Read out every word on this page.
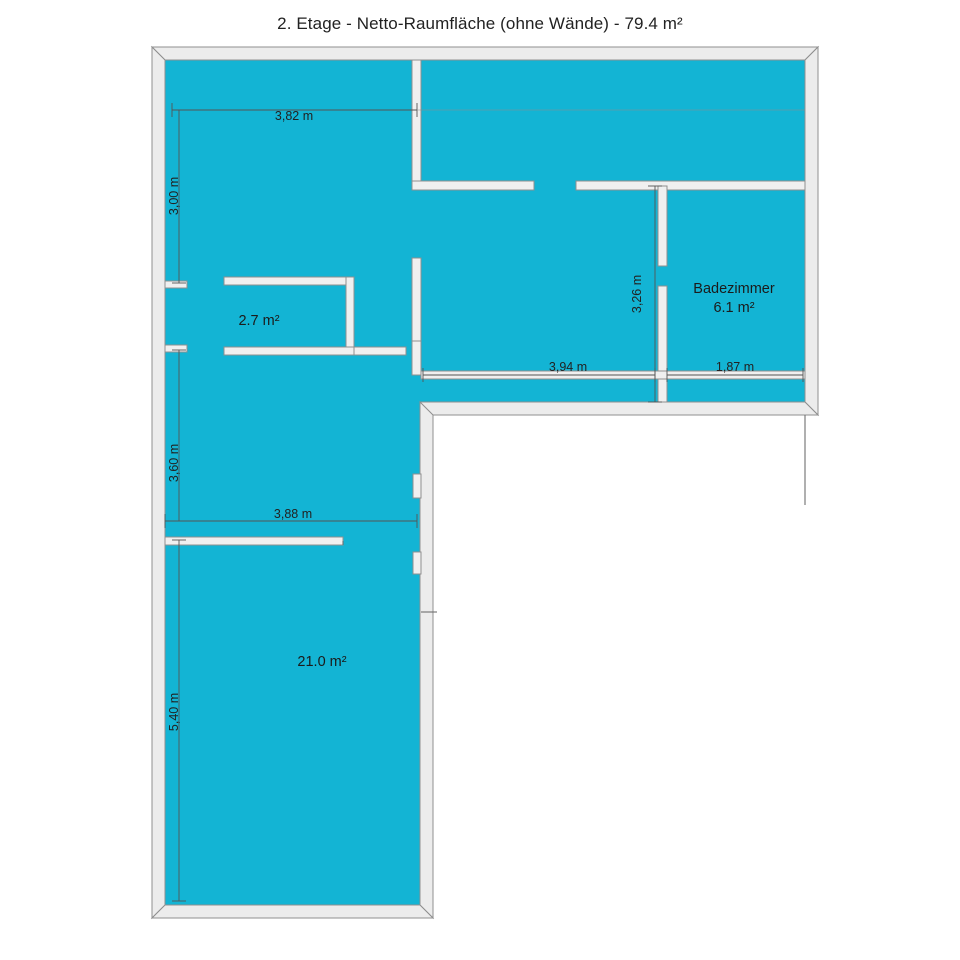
2. Etage - Netto-Raumfläche (ohne Wände) - 79.4 m²
3,82 m
3,00 m
3,26 m
3,94 m	1,87 m
3,60 m
3,88 m
5,40 m
2.7 m²
Badezimmer
6.1 m²
21.0 m²
